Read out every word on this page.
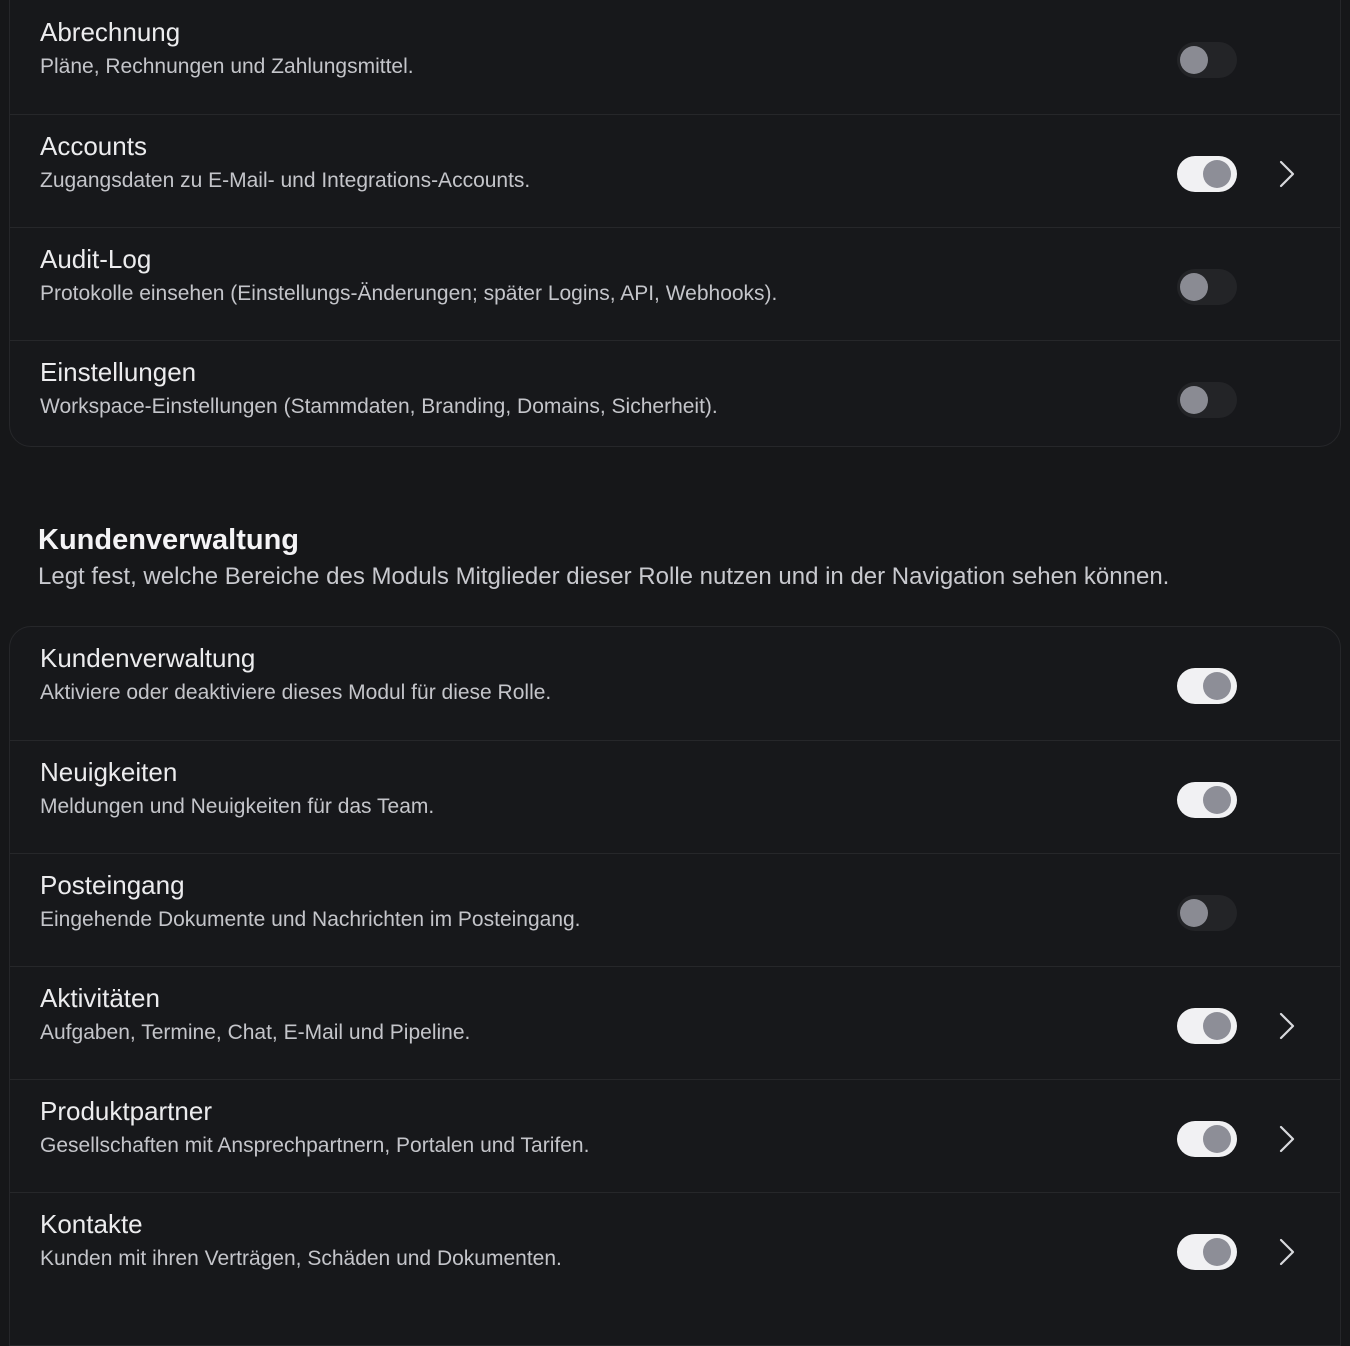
Abrechnung
Pläne, Rechnungen und Zahlungsmittel.
Accounts
Zugangsdaten zu E-Mail- und Integrations-Accounts.
Audit-Log
Protokolle einsehen (Einstellungs-Änderungen; später Logins, API, Webhooks).
Einstellungen
Workspace-Einstellungen (Stammdaten, Branding, Domains, Sicherheit).
Kundenverwaltung
Legt fest, welche Bereiche des Moduls Mitglieder dieser Rolle nutzen und in der Navigation sehen können.
Kundenverwaltung
Aktiviere oder deaktiviere dieses Modul für diese Rolle.
Neuigkeiten
Meldungen und Neuigkeiten für das Team.
Posteingang
Eingehende Dokumente und Nachrichten im Posteingang.
Aktivitäten
Aufgaben, Termine, Chat, E-Mail und Pipeline.
Produktpartner
Gesellschaften mit Ansprechpartnern, Portalen und Tarifen.
Kontakte
Kunden mit ihren Verträgen, Schäden und Dokumenten.
